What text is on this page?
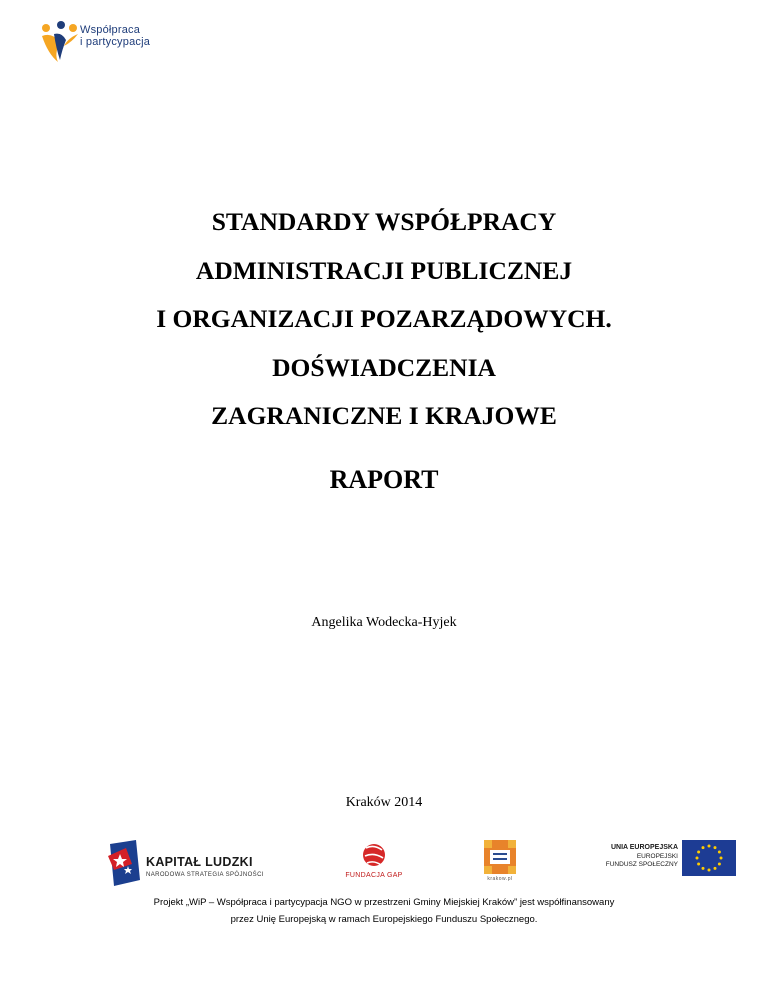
Współpraca
i partycypacja
STANDARDY WSPÓŁPRACY
ADMINISTRACJI PUBLICZNEJ
I ORGANIZACJI POZARZĄDOWYCH.
DOŚWIADCZENIA
ZAGRANICZNE I KRAJOWE
RAPORT
Angelika Wodecka-Hyjek
Kraków 2014
KAPITAŁ LUDZKI
NARODOWA STRATEGIA SPÓJNOŚCI	FUNDACJA GAP	krakow.pl
UNIA EUROPEJSKA
EUROPEJSKI
FUNDUSZ SPOŁECZNY
Projekt „WiP – Współpraca i partycypacja NGO w przestrzeni Gminy Miejskiej Kraków” jest współfinansowany
przez Unię Europejską w ramach Europejskiego Funduszu Społecznego.
